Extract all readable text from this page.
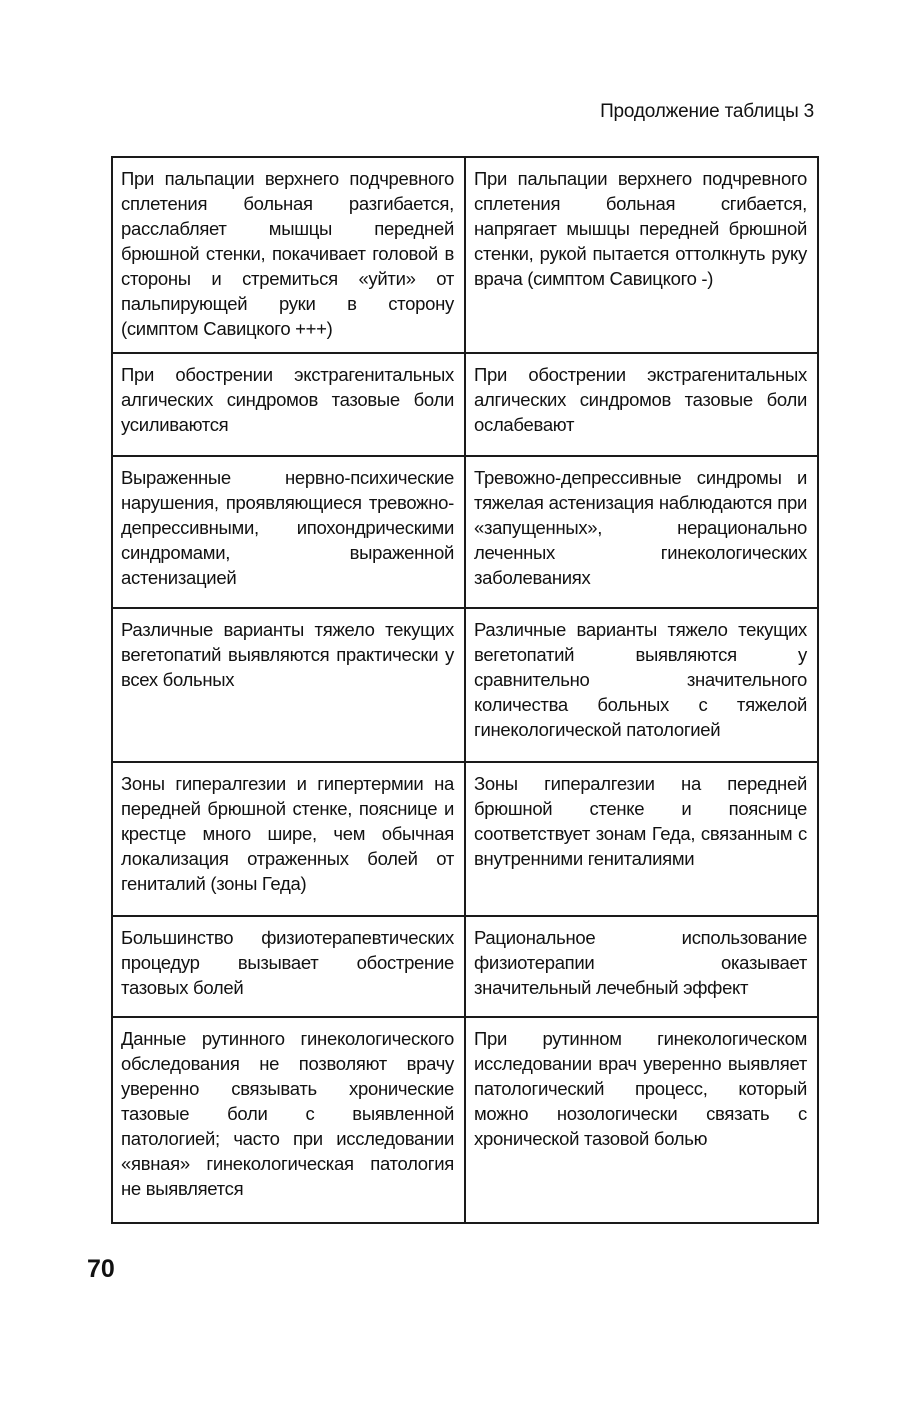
Продолжение таблицы 3
При пальпации верхнего подчревного сплетения больная разгибается, расслабляет мышцы передней брюшной стенки, покачивает головой в стороны и стремиться «уйти» от пальпирующей руки в сторону (симптом Савицкого +++)	При пальпации верхнего подчревного сплетения больная сгибается, напрягает мышцы передней брюшной стенки, рукой пытается оттолкнуть руку врача (симптом Савицкого -)
При обострении экстрагенитальных алгических синдромов тазовые боли усиливаются	При обострении экстрагенитальных алгических синдромов тазовые боли ослабевают
Выраженные нервно-психические нарушения, проявляющиеся тревожно-депрессивными, ипохондрическими синдромами, выраженной астенизацией	Тревожно-депрессивные синдромы и тяжелая астенизация наблюдаются при «запущенных», нерационально леченных гинекологических заболеваниях
Различные варианты тяжело текущих вегетопатий выявляются практически у всех больных	Различные варианты тяжело текущих вегетопатий выявляются у сравнительно значительного количества больных с тяжелой гинекологической патологией
Зоны гипералгезии и гипертермии на передней брюшной стенке, пояснице и крестце много шире, чем обычная локализация отраженных болей от гениталий (зоны Геда)	Зоны гипералгезии на передней брюшной стенке и пояснице соответствует зонам Геда, связанным с внутренними гениталиями
Большинство физиотерапевтических процедур вызывает обострение тазовых болей	Рациональное использование физиотерапии оказывает значительный лечебный эффект
Данные рутинного гинекологического обследования не позволяют врачу уверенно связывать хронические тазовые боли с выявленной патологией; часто при исследовании «явная» гинекологическая патология не выявляется	При рутинном гинекологическом исследовании врач уверенно выявляет патологический процесс, который можно нозологически связать с хронической тазовой болью
70
